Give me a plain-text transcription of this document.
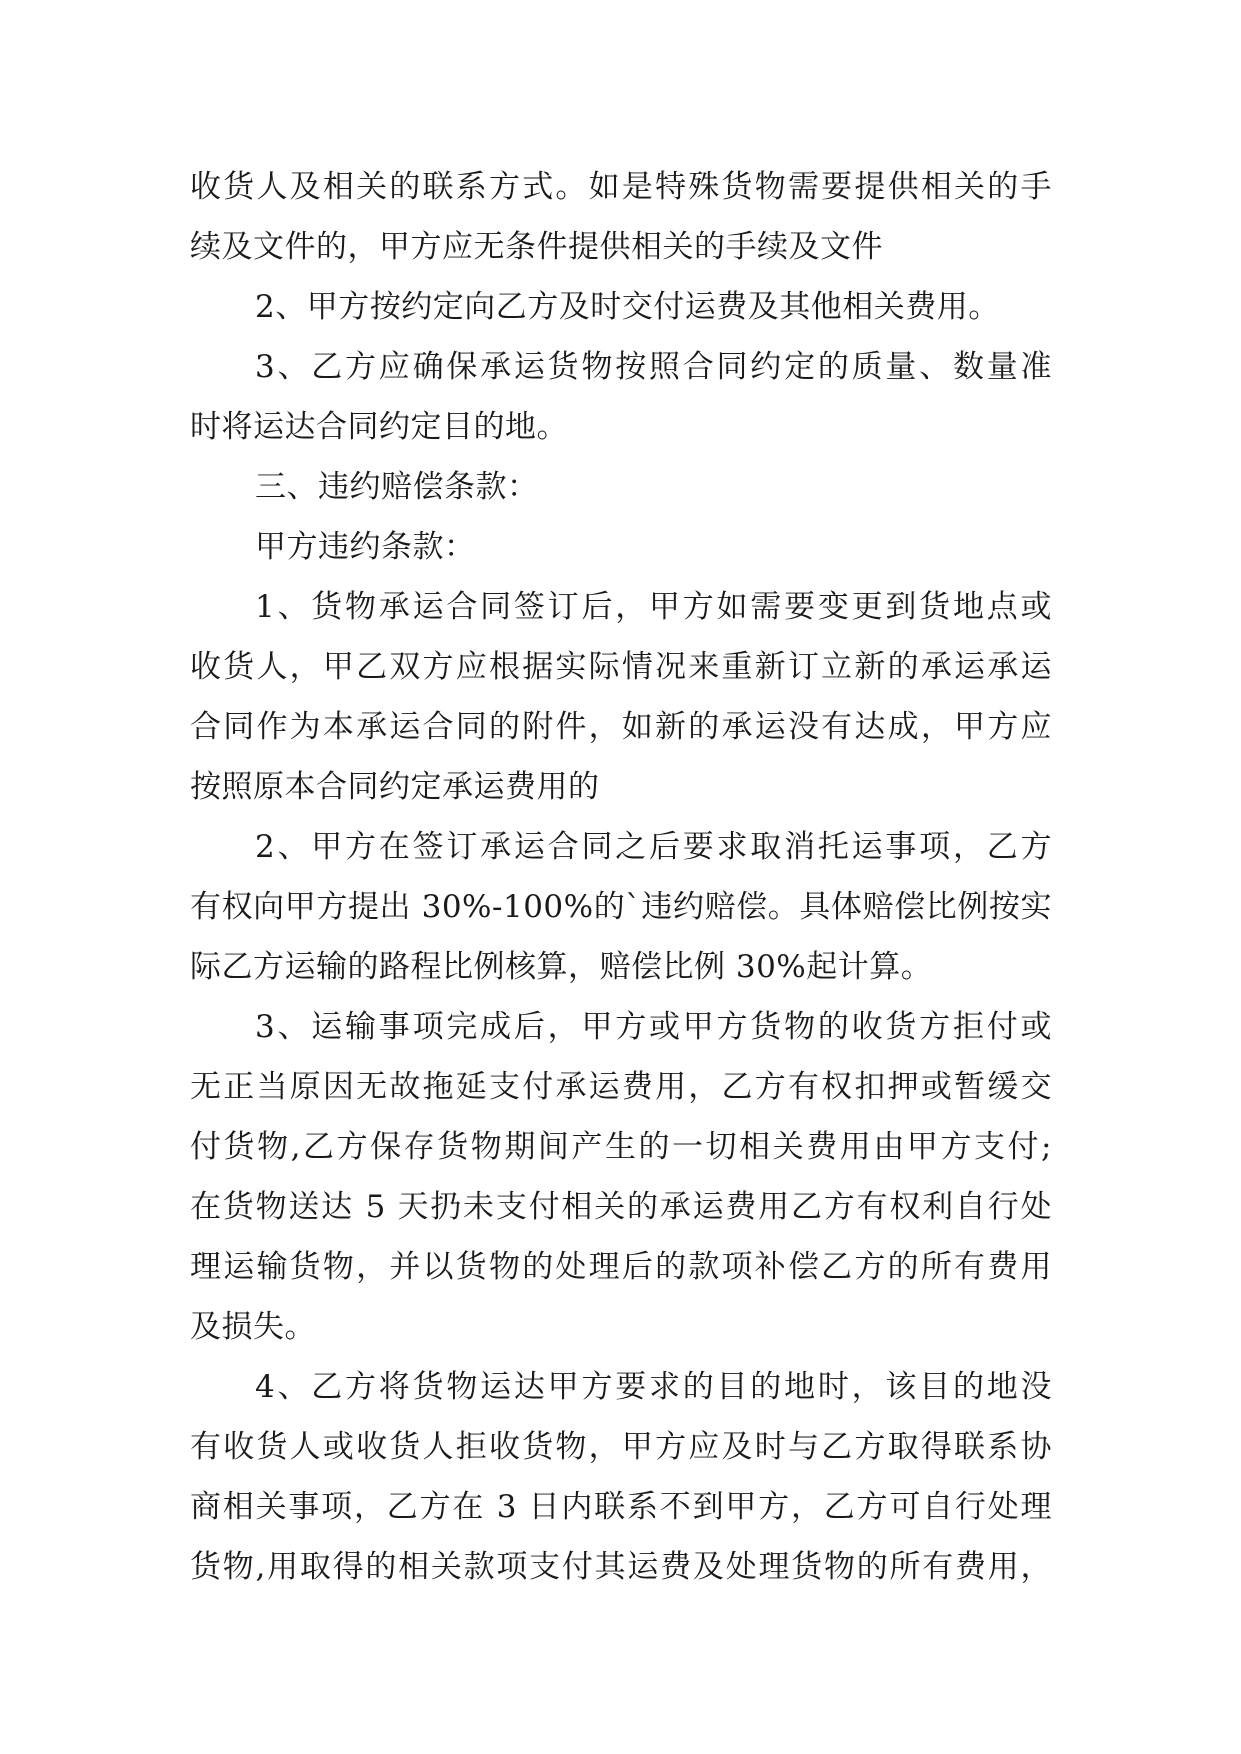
收货人及相关的联系方式。如是特殊货物需要提供相关的手
续及文件的，甲方应无条件提供相关的手续及文件
2、甲方按约定向乙方及时交付运费及其他相关费用。
3、乙方应确保承运货物按照合同约定的质量、数量准
时将运达合同约定目的地。
三、违约赔偿条款：
甲方违约条款：
1、货物承运合同签订后，甲方如需要变更到货地点或
收货人，甲乙双方应根据实际情况来重新订立新的承运承运
合同作为本承运合同的附件，如新的承运没有达成，甲方应
按照原本合同约定承运费用的
2、甲方在签订承运合同之后要求取消托运事项，乙方
有权向甲方提出 30%-100%的`违约赔偿。具体赔偿比例按实
际乙方运输的路程比例核算，赔偿比例 30%起计算。
3、运输事项完成后，甲方或甲方货物的收货方拒付或
无正当原因无故拖延支付承运费用，乙方有权扣押或暂缓交
付货物,乙方保存货物期间产生的一切相关费用由甲方支付;
在货物送达 5 天扔未支付相关的承运费用乙方有权利自行处
理运输货物，并以货物的处理后的款项补偿乙方的所有费用
及损失。
4、乙方将货物运达甲方要求的目的地时，该目的地没
有收货人或收货人拒收货物，甲方应及时与乙方取得联系协
商相关事项，乙方在 3 日内联系不到甲方，乙方可自行处理
货物,用取得的相关款项支付其运费及处理货物的所有费用，
